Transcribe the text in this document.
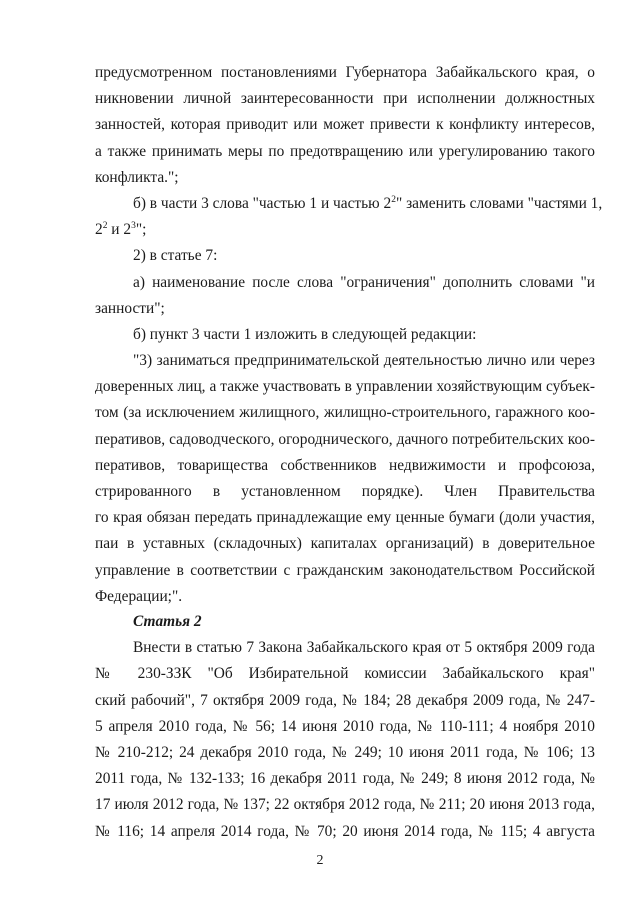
предусмотренном постановлениями Губернатора Забайкальского края, о
никновении личной заинтересованности при исполнении должностных
занностей, которая приводит или может привести к конфликту интересов,
а также принимать меры по предотвращению или урегулированию такого
конфликта.";
б) в части 3 слова "частью 1 и частью $2^2$" заменить словами "частями 1,
$2^2$ и $2^3$";
2) в статье 7:
а) наименование после слова "ограничения" дополнить словами "и
занности";
б) пункт 3 части 1 изложить в следующей редакции:
"3) заниматься предпринимательской деятельностью лично или через
доверенных лиц, а также участвовать в управлении хозяйствующим субъек-
том (за исключением жилищного, жилищно-строительного, гаражного коо-
перативов, садоводческого, огороднического, дачного потребительских коо-
перативов, товарищества собственников недвижимости и профсоюза,
стрированного в установленном порядке). Член Правительства
го края обязан передать принадлежащие ему ценные бумаги (доли участия,
паи в уставных (складочных) капиталах организаций) в доверительное
управление в соответствии с гражданским законодательством Российской
Федерации;".
Статья 2
Внести в статью 7 Закона Забайкальского края от 5 октября 2009 года
№ 230-ЗЗК "Об Избирательной комиссии Забайкальского края"
ский рабочий", 7 октября 2009 года, № 184; 28 декабря 2009 года, № 247-
5 апреля 2010 года, № 56; 14 июня 2010 года, № 110-111; 4 ноября 2010
№ 210-212; 24 декабря 2010 года, № 249; 10 июня 2011 года, № 106; 13
2011 года, № 132-133; 16 декабря 2011 года, № 249; 8 июня 2012 года, №
17 июля 2012 года, № 137; 22 октября 2012 года, № 211; 20 июня 2013 года,
№ 116; 14 апреля 2014 года, № 70; 20 июня 2014 года, № 115; 4 августа
2
